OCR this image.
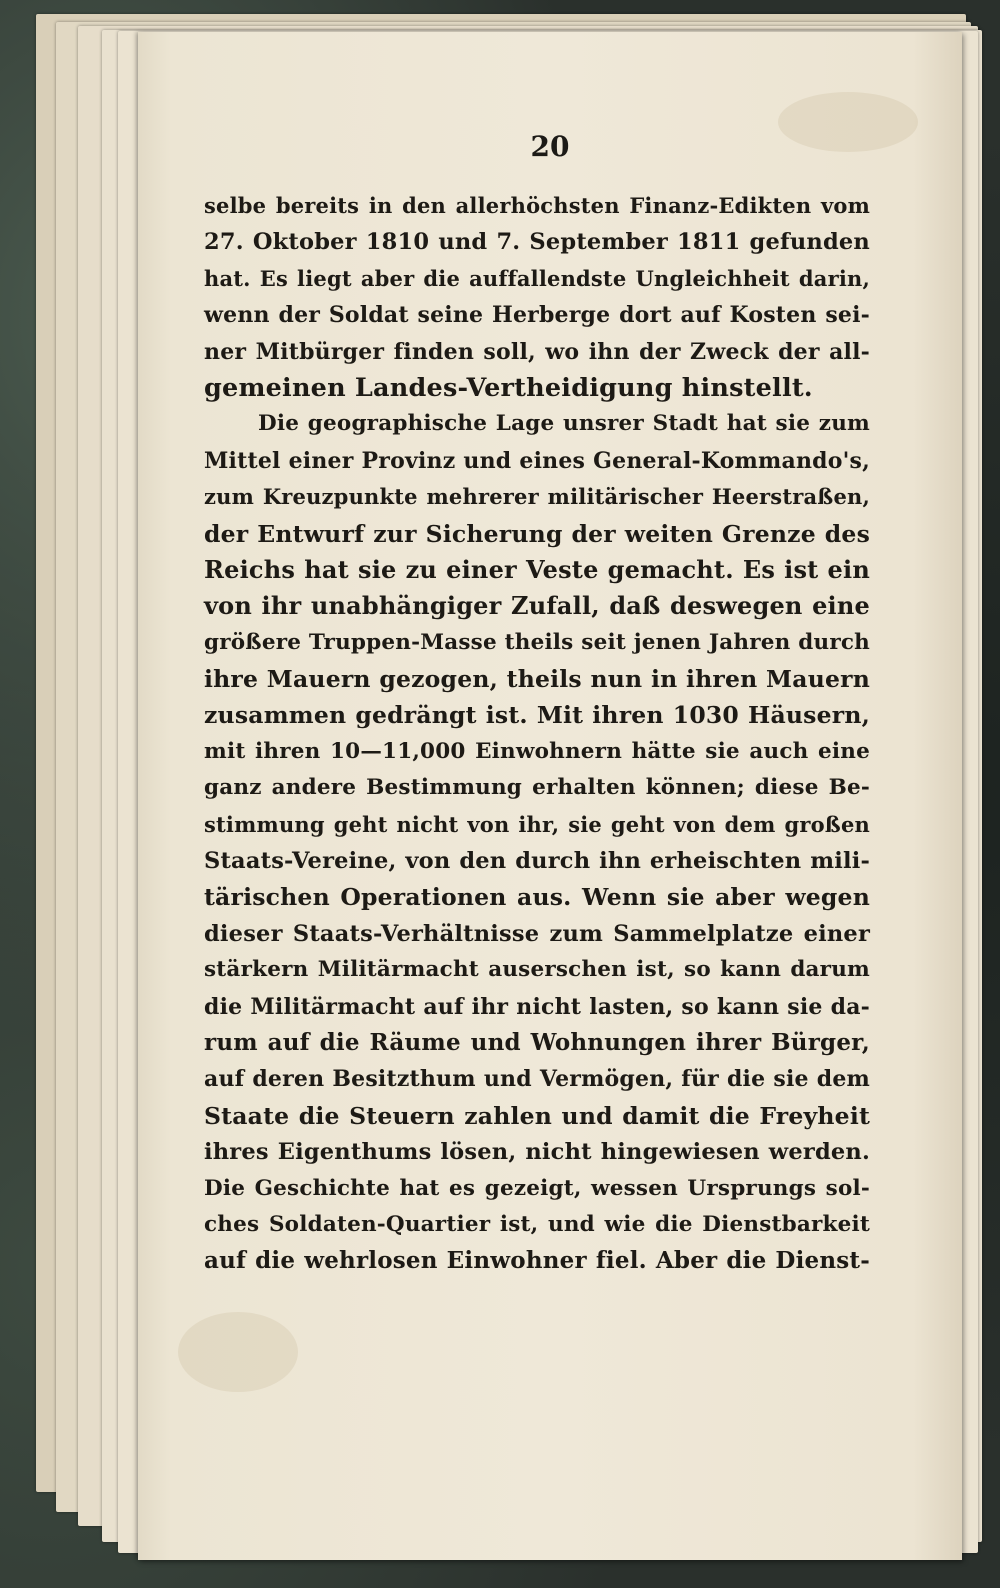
20
selbe bereits in den allerhöchsten Finanz-Edikten vom
27. Oktober 1810 und 7. September 1811 gefunden
hat. Es liegt aber die auffallendste Ungleichheit darin,
wenn der Soldat seine Herberge dort auf Kosten sei-
ner Mitbürger finden soll, wo ihn der Zweck der all-
gemeinen Landes-Vertheidigung hinstellt.
Die geographische Lage unsrer Stadt hat sie zum
Mittel einer Provinz und eines General-Kommando's,
zum Kreuzpunkte mehrerer militärischer Heerstraßen,
der Entwurf zur Sicherung der weiten Grenze des
Reichs hat sie zu einer Veste gemacht. Es ist ein
von ihr unabhängiger Zufall, daß deswegen eine
größere Truppen-Masse theils seit jenen Jahren durch
ihre Mauern gezogen, theils nun in ihren Mauern
zusammen gedrängt ist. Mit ihren 1030 Häusern,
mit ihren 10—11,000 Einwohnern hätte sie auch eine
ganz andere Bestimmung erhalten können; diese Be-
stimmung geht nicht von ihr, sie geht von dem großen
Staats-Vereine, von den durch ihn erheischten mili-
tärischen Operationen aus. Wenn sie aber wegen
dieser Staats-Verhältnisse zum Sammelplatze einer
stärkern Militärmacht auserschen ist, so kann darum
die Militärmacht auf ihr nicht lasten, so kann sie da-
rum auf die Räume und Wohnungen ihrer Bürger,
auf deren Besitzthum und Vermögen, für die sie dem
Staate die Steuern zahlen und damit die Freyheit
ihres Eigenthums lösen, nicht hingewiesen werden.
Die Geschichte hat es gezeigt, wessen Ursprungs sol-
ches Soldaten-Quartier ist, und wie die Dienstbarkeit
auf die wehrlosen Einwohner fiel. Aber die Dienst-
